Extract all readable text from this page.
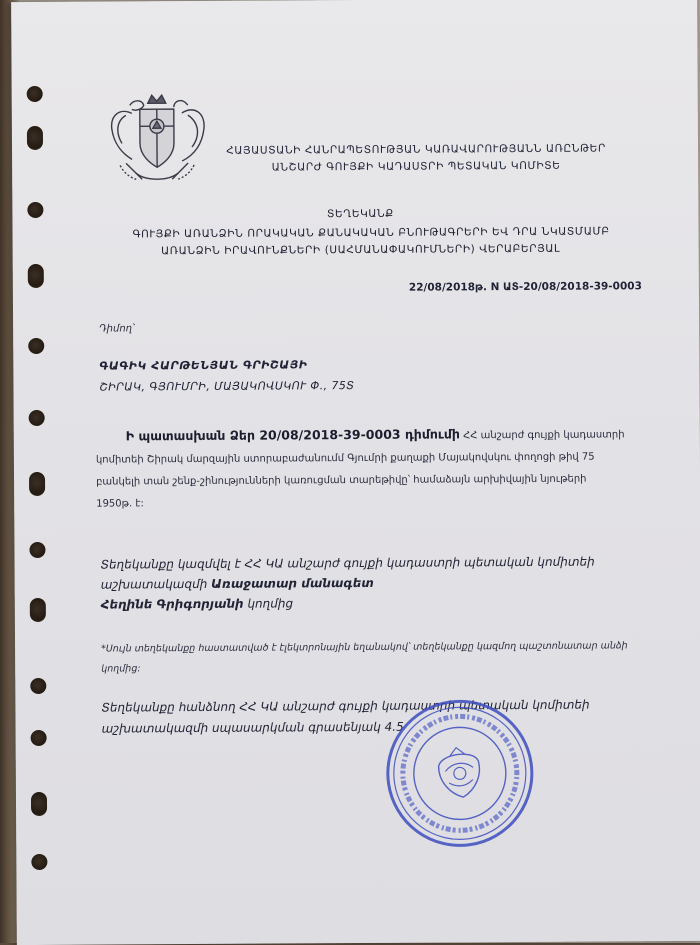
ՀԱՅԱՍՏԱՆԻ ՀԱՆՐԱՊԵՏՈՒԹՅԱՆ ԿԱՌԱՎԱՐՈՒԹՅԱՆՆ ԱՌԸՆԹԵՐ
ԱՆՇԱՐԺ ԳՈՒՅՔԻ ԿԱԴԱՍՏՐԻ ՊԵՏԱԿԱՆ ԿՈՄԻՏԵ
ՏԵՂԵԿԱՆՔ
ԳՈՒՅՔԻ ԱՌԱՆՁԻՆ ՈՐԱԿԱԿԱՆ ՔԱՆԱԿԱԿԱՆ ԲՆՈՒԹԱԳՐԵՐԻ ԵՎ ԴՐԱ ՆԿԱՏՄԱՄԲ
ԱՌԱՆՁԻՆ ԻՐԱՎՈՒՆՔՆԵՐԻ (ՍԱՀՄԱՆԱՓԱԿՈՒՄՆԵՐԻ) ՎԵՐԱԲԵՐՅԱԼ
22/08/2018թ. N ԱՏ-20/08/2018-39-0003
Դիմող՝
ԳԱԳԻԿ ՀԱՐԹԵՆՅԱՆ ԳՐԻՇԱՅԻ
ՇԻՐԱԿ, ԳՅՈՒՄՐԻ, ՄԱՅԱԿՈՎՍԿՈՒ Փ., 75Տ
Ի պատասխան Ձեր 20/08/2018-39-0003 դիմումի ՀՀ անշարժ գույքի կադաստրի
կոմիտեի Շիրակ մարզային ստորաբաժանումմ Գյումրի քաղաքի Մայակովսկու փողոցի թիվ 75
բանկելի տան շենք-շինությունների կառուցման տարեթիվը՝ համաձայն արխիվային նյութերի
1950թ. է:
Տեղեկանքը կազմվել է ՀՀ ԿԱ անշարժ գույքի կադաստրի պետական կոմիտեի
աշխատակազմի Առաջատար մանագետ
Հեղինե Գրիգորյանի կողմից
*Սույն տեղեկանքը հաստատված է էլեկտրոնային եղանակով՝ տեղեկանքը կազմող պաշտոնատար անձի
կողմից:
Տեղեկանքը հանձնող ՀՀ ԿԱ անշարժ գույքի կադաստրի պետական կոմիտեի
աշխատակազմի սպասարկման գրասենյակ 4.5
